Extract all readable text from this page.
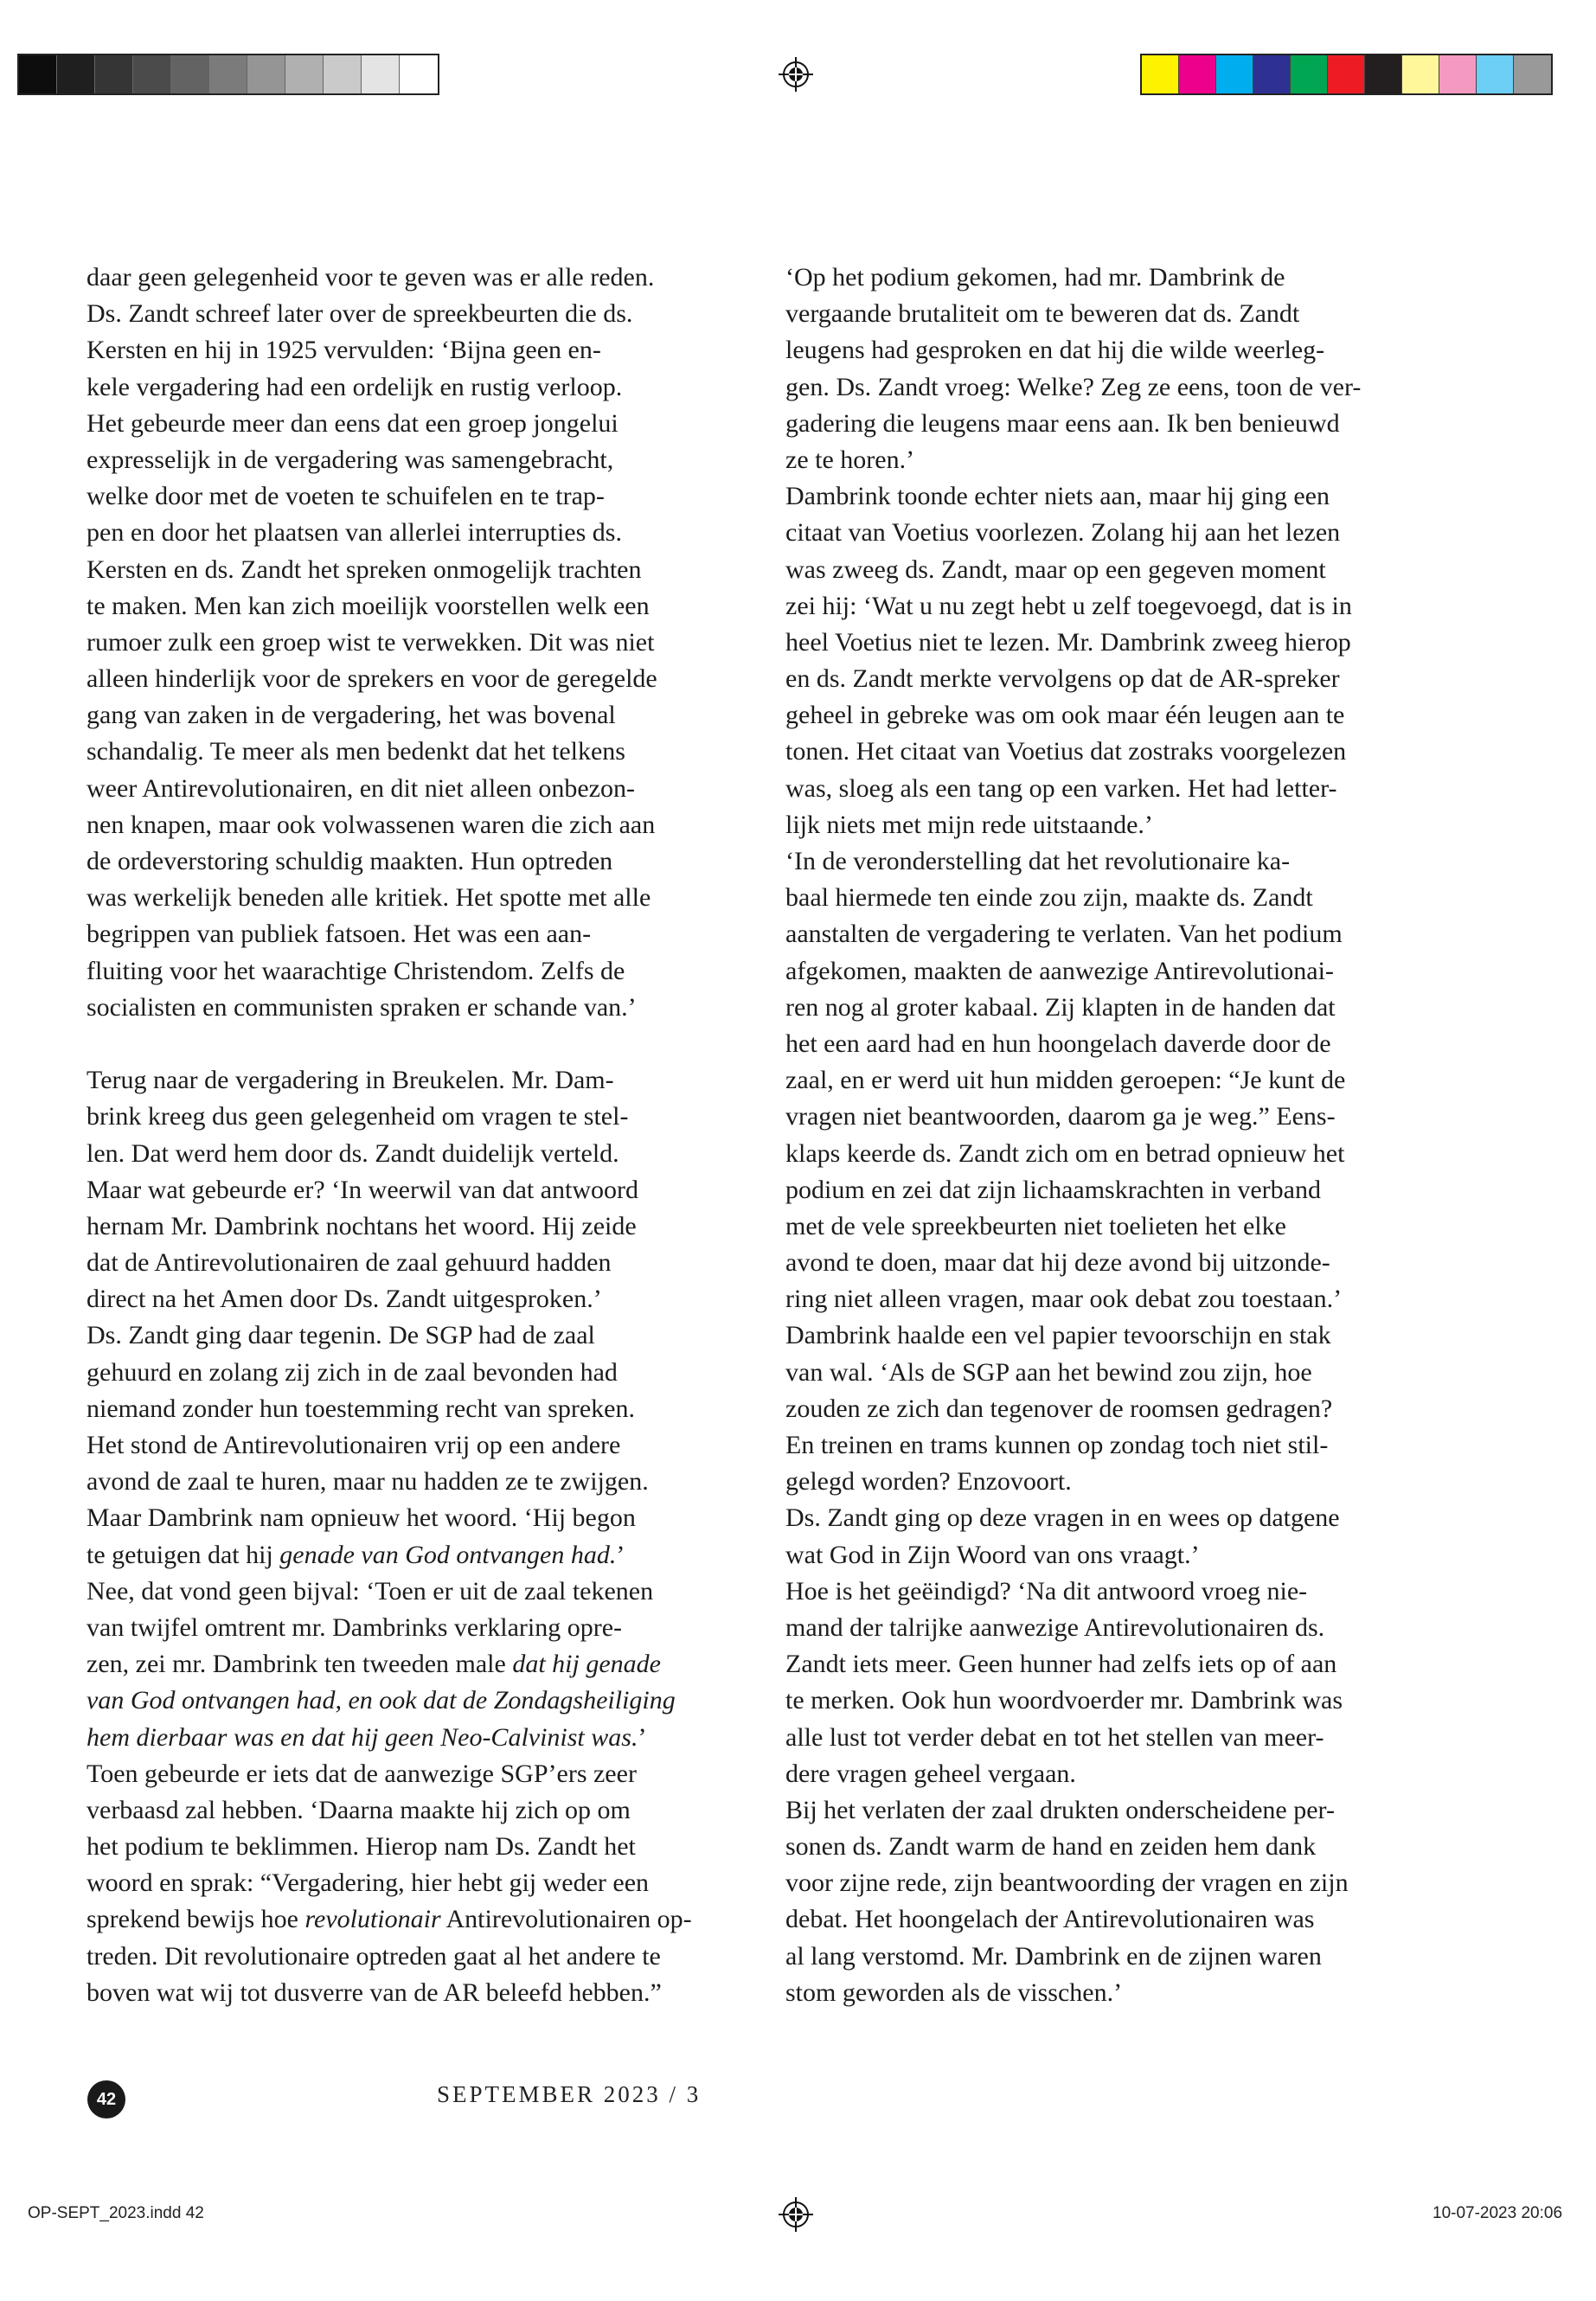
daar geen gelegenheid voor te geven was er alle reden.
Ds. Zandt schreef later over de spreekbeurten die ds.
Kersten en hij in 1925 vervulden: ‘Bijna geen en-
kele vergadering had een ordelijk en rustig verloop.
Het gebeurde meer dan eens dat een groep jongelui
expresselijk in de vergadering was samengebracht,
welke door met de voeten te schuifelen en te trap-
pen en door het plaatsen van allerlei interrupties ds.
Kersten en ds. Zandt het spreken onmogelijk trachten
te maken. Men kan zich moeilijk voorstellen welk een
rumoer zulk een groep wist te verwekken. Dit was niet
alleen hinderlijk voor de sprekers en voor de geregelde
gang van zaken in de vergadering, het was bovenal
schandalig. Te meer als men bedenkt dat het telkens
weer Antirevolutionairen, en dit niet alleen onbezon-
nen knapen, maar ook volwassenen waren die zich aan
de ordeverstoring schuldig maakten. Hun optreden
was werkelijk beneden alle kritiek. Het spotte met alle
begrippen van publiek fatsoen. Het was een aan-
fluiting voor het waarachtige Christendom. Zelfs de
socialisten en communisten spraken er schande van.’
Terug naar de vergadering in Breukelen. Mr. Dam-
brink kreeg dus geen gelegenheid om vragen te stel-
len. Dat werd hem door ds. Zandt duidelijk verteld.
Maar wat gebeurde er? ‘In weerwil van dat antwoord
hernam Mr. Dambrink nochtans het woord. Hij zeide
dat de Antirevolutionairen de zaal gehuurd hadden
direct na het Amen door Ds. Zandt uitgesproken.’
Ds. Zandt ging daar tegenin. De SGP had de zaal
gehuurd en zolang zij zich in de zaal bevonden had
niemand zonder hun toestemming recht van spreken.
Het stond de Antirevolutionairen vrij op een andere
avond de zaal te huren, maar nu hadden ze te zwijgen.
Maar Dambrink nam opnieuw het woord. ‘Hij begon
te getuigen dat hij genade van God ontvangen had.’
Nee, dat vond geen bijval: ‘Toen er uit de zaal tekenen
van twijfel omtrent mr. Dambrinks verklaring opre-
zen, zei mr. Dambrink ten tweeden male dat hij genade
van God ontvangen had, en ook dat de Zondagsheiliging
hem dierbaar was en dat hij geen Neo-Calvinist was.’
Toen gebeurde er iets dat de aanwezige SGP’ers zeer
verbaasd zal hebben. ‘Daarna maakte hij zich op om
het podium te beklimmen. Hierop nam Ds. Zandt het
woord en sprak: “Vergadering, hier hebt gij weder een
sprekend bewijs hoe revolutionair Antirevolutionairen op-
treden. Dit revolutionaire optreden gaat al het andere te
boven wat wij tot dusverre van de AR beleefd hebben.”
‘Op het podium gekomen, had mr. Dambrink de
vergaande brutaliteit om te beweren dat ds. Zandt
leugens had gesproken en dat hij die wilde weerleg-
gen. Ds. Zandt vroeg: Welke? Zeg ze eens, toon de ver-
gadering die leugens maar eens aan. Ik ben benieuwd
ze te horen.’
Dambrink toonde echter niets aan, maar hij ging een
citaat van Voetius voorlezen. Zolang hij aan het lezen
was zweeg ds. Zandt, maar op een gegeven moment
zei hij: ‘Wat u nu zegt hebt u zelf toegevoegd, dat is in
heel Voetius niet te lezen. Mr. Dambrink zweeg hierop
en ds. Zandt merkte vervolgens op dat de AR-spreker
geheel in gebreke was om ook maar één leugen aan te
tonen. Het citaat van Voetius dat zostraks voorgelezen
was, sloeg als een tang op een varken. Het had letter-
lijk niets met mijn rede uitstaande.’
‘In de veronderstelling dat het revolutionaire ka-
baal hiermede ten einde zou zijn, maakte ds. Zandt
aanstalten de vergadering te verlaten. Van het podium
afgekomen, maakten de aanwezige Antirevolutionai-
ren nog al groter kabaal. Zij klapten in de handen dat
het een aard had en hun hoongelach daverde door de
zaal, en er werd uit hun midden geroepen: “Je kunt de
vragen niet beantwoorden, daarom ga je weg.” Eens-
klaps keerde ds. Zandt zich om en betrad opnieuw het
podium en zei dat zijn lichaamskrachten in verband
met de vele spreekbeurten niet toelieten het elke
avond te doen, maar dat hij deze avond bij uitzonde-
ring niet alleen vragen, maar ook debat zou toestaan.’
Dambrink haalde een vel papier tevoorschijn en stak
van wal. ‘Als de SGP aan het bewind zou zijn, hoe
zouden ze zich dan tegenover de roomsen gedragen?
En treinen en trams kunnen op zondag toch niet stil-
gelegd worden? Enzovoort.
Ds. Zandt ging op deze vragen in en wees op datgene
wat God in Zijn Woord van ons vraagt.’
Hoe is het geëindigd? ‘Na dit antwoord vroeg nie-
mand der talrijke aanwezige Antirevolutionairen ds.
Zandt iets meer. Geen hunner had zelfs iets op of aan
te merken. Ook hun woordvoerder mr. Dambrink was
alle lust tot verder debat en tot het stellen van meer-
dere vragen geheel vergaan.
Bij het verlaten der zaal drukten onderscheidene per-
sonen ds. Zandt warm de hand en zeiden hem dank
voor zijne rede, zijn beantwoording der vragen en zijn
debat. Het hoongelach der Antirevolutionairen was
al lang verstomd. Mr. Dambrink en de zijnen waren
stom geworden als de visschen.’
42	SEPTEMBER 2023 / 3
OP-SEPT_2023.indd 42	10-07-2023 20:06
